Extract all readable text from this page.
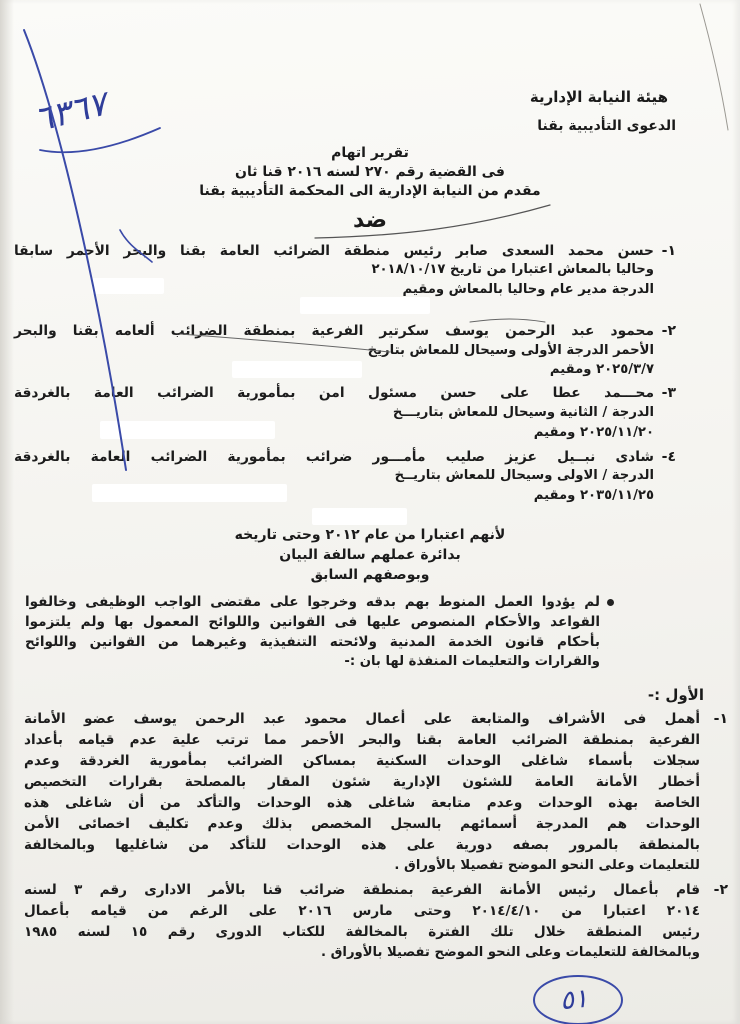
هيئة النيابة الإدارية
الدعوى التأديبية بقنا
تقرير اتهام
فى القضية رقم ٢٧٠ لسنه ٢٠١٦ قنا ثان
مقدم من النيابة الإدارية الى المحكمة التأديبية بقنا
ضد
١-
حسن محمد السعدى صابر رئيس منطقة الضرائب العامة بقنا والبحر الأحمر سابقا
وحاليا بالمعاش اعتبارا من تاريخ ٢٠١٨/١٠/١٧
الدرجة مدير عام وحاليا بالمعاش ومقيم
٢-
محمود عبد الرحمن يوسف سكرتير الفرعية بمنطقة الضرائب ألعامه بقنا والبحر
الأحمر الدرجة الأولى وسيحال للمعاش بتاريخ
٢٠٢٥/٣/٧ ومقيم
٣-
محـــمد عطا على حسن مسئول امن بمأمورية الضرائب العامة بالغردقة
الدرجة / الثانية وسيحال للمعاش بتاريـــخ
٢٠٢٥/١١/٢٠ ومقيم
٤-
شادى نبــيل عزيز صليب مأمـــور ضرائب بمأمورية الضرائب العامة بالغردقة
الدرجة / الاولى وسيحال للمعاش بتاريــخ
٢٠٣٥/١١/٢٥ ومقيم
لأنهم اعتبارا من عام ٢٠١٢ وحتى تاريخه
بدائرة عملهم سالفة البيان
وبوصفهم السابق
لم يؤدوا العمل المنوط بهم بدقه وخرجوا على مقتضى الواجب الوظيفى وخالفوا
القواعد والأحكام المنصوص عليها فى القوانين واللوائح المعمول بها ولم يلتزموا
بأحكام قانون الخدمة المدنية ولائحته التنفيذية وغيرهما من القوانين واللوائح
والقرارات والتعليمات المنفذة لها بان :-
الأول :-
١-
أهمل فى الأشراف والمتابعة على أعمال محمود عبد الرحمن يوسف عضو الأمانة
الفرعية بمنطقة الضرائب العامة بقنا والبحر الأحمر مما ترتب علية عدم قيامه بأعداد
سجلات بأسماء شاغلى الوحدات السكنية بمساكن الضرائب بمأمورية الغردقة وعدم
أخطار الأمانة العامة للشئون الإدارية شئون المقار بالمصلحة بقرارات التخصيص
الخاصة بهذه الوحدات وعدم متابعة شاغلى هذه الوحدات والتأكد من أن شاغلى هذه
الوحدات هم المدرجة أسمائهم بالسجل المخصص بذلك وعدم تكليف اخصائى الأمن
بالمنطقة بالمرور بصفه دورية على هذه الوحدات للتأكد من شاغليها وبالمخالفة
للتعليمات وعلى النحو الموضح تفصيلا بالأوراق .
٢-
قام بأعمال رئيس الأمانة الفرعية بمنطقة ضرائب قنا بالأمر الادارى رقم ٣ لسنه
٢٠١٤ اعتبارا من ٢٠١٤/٤/١٠ وحتى مارس ٢٠١٦ على الرغم من قيامه بأعمال
رئيس المنطقة خلال تلك الفترة بالمخالفة للكتاب الدورى رقم ١٥ لسنه ١٩٨٥
وبالمخالفة للتعليمات وعلى النحو الموضح تفصيلا بالأوراق .
٦٣٦٧
٥١
